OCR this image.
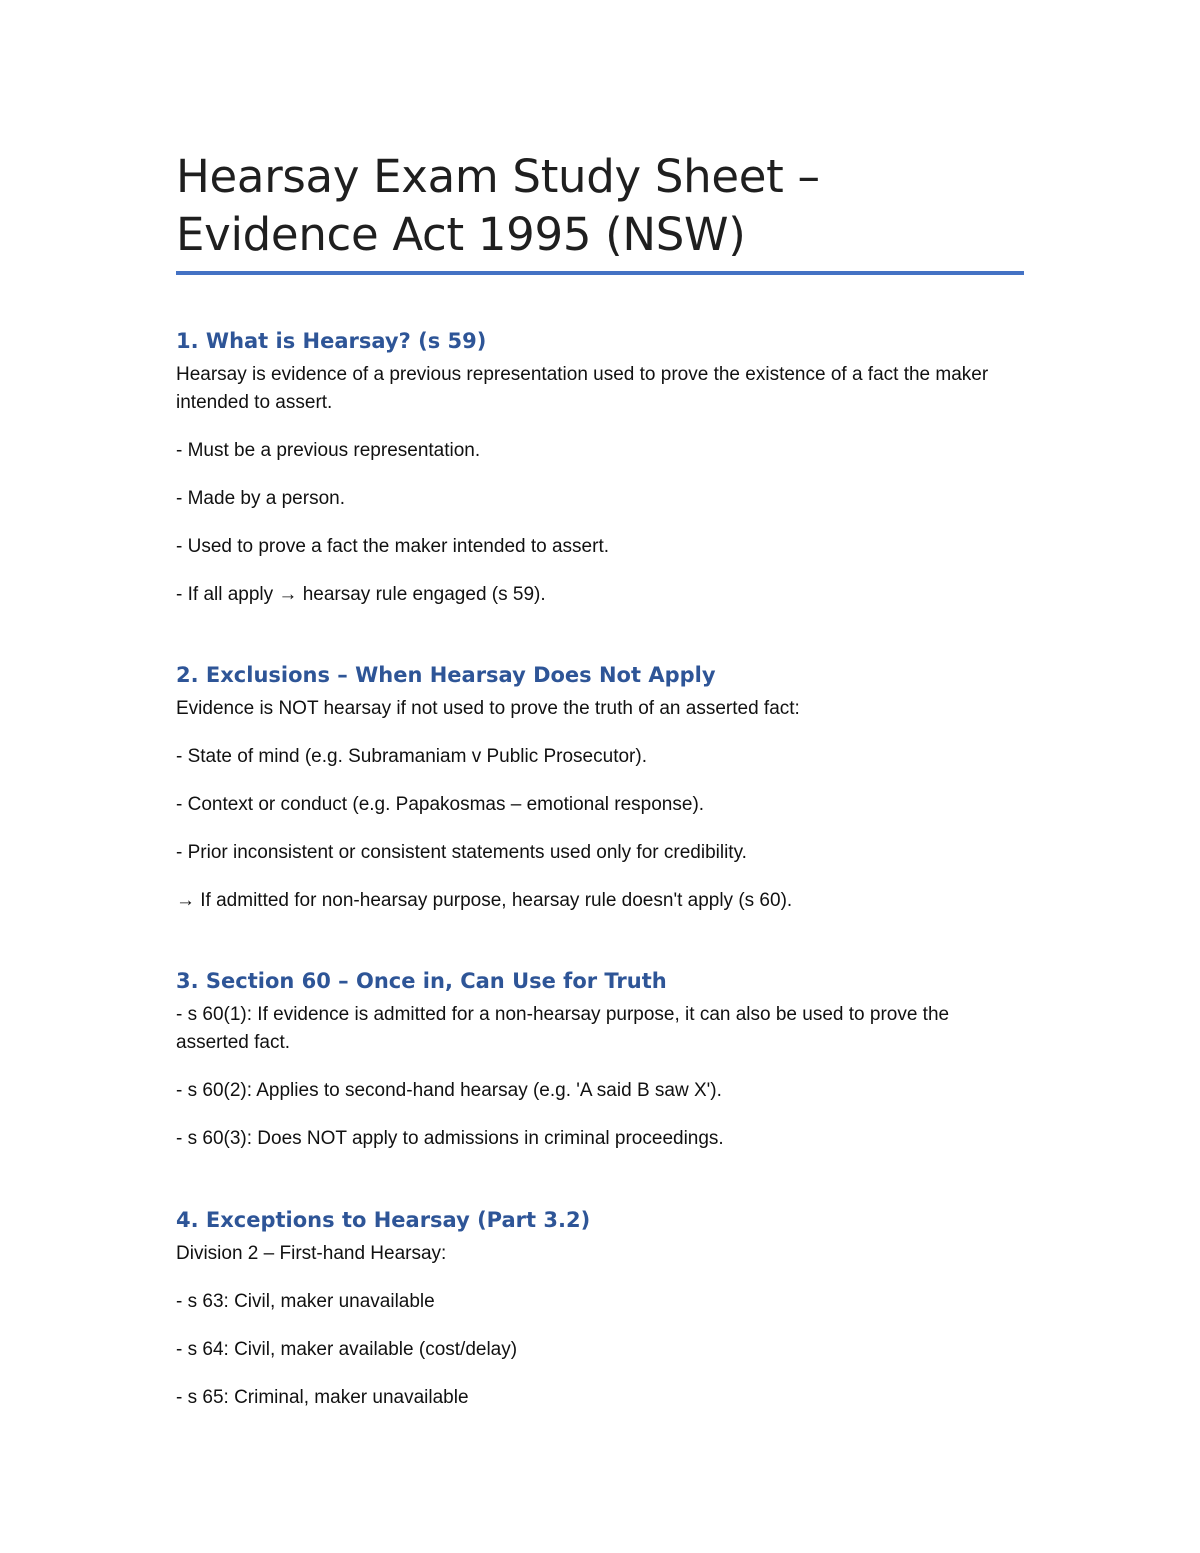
Hearsay Exam Study Sheet – Evidence Act 1995 (NSW)
1. What is Hearsay? (s 59)
Hearsay is evidence of a previous representation used to prove the existence of a fact the maker intended to assert.
- Must be a previous representation.
- Made by a person.
- Used to prove a fact the maker intended to assert.
- If all apply → hearsay rule engaged (s 59).
2. Exclusions – When Hearsay Does Not Apply
Evidence is NOT hearsay if not used to prove the truth of an asserted fact:
- State of mind (e.g. Subramaniam v Public Prosecutor).
- Context or conduct (e.g. Papakosmas – emotional response).
- Prior inconsistent or consistent statements used only for credibility.
→ If admitted for non-hearsay purpose, hearsay rule doesn't apply (s 60).
3. Section 60 – Once in, Can Use for Truth
- s 60(1): If evidence is admitted for a non-hearsay purpose, it can also be used to prove the asserted fact.
- s 60(2): Applies to second-hand hearsay (e.g. 'A said B saw X').
- s 60(3): Does NOT apply to admissions in criminal proceedings.
4. Exceptions to Hearsay (Part 3.2)
Division 2 – First-hand Hearsay:
- s 63: Civil, maker unavailable
- s 64: Civil, maker available (cost/delay)
- s 65: Criminal, maker unavailable
